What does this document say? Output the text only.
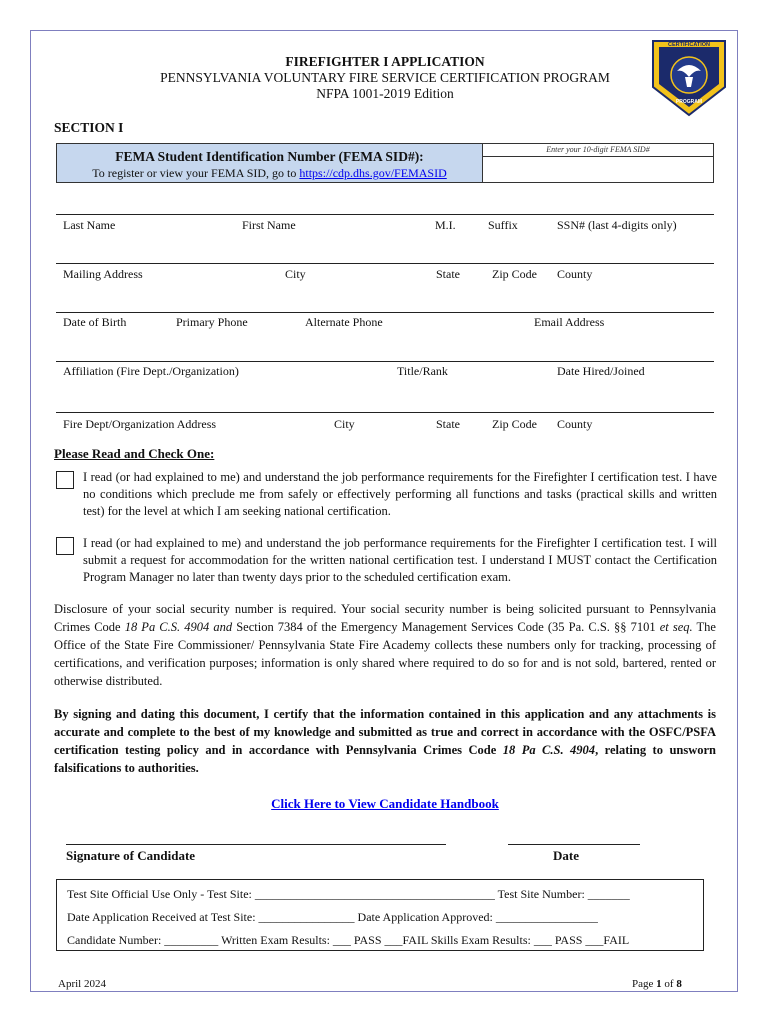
FIREFIGHTER I APPLICATION
PENNSYLVANIA VOLUNTARY FIRE SERVICE CERTIFICATION PROGRAM
NFPA 1001-2019 Edition
CERTIFICATION
PROGRAM
SECTION I
FEMA Student Identification Number (FEMA SID#):
To register or view your FEMA SID, go to https://cdp.dhs.gov/FEMASID
Enter your 10-digit FEMA SID#
Last Name	First Name	M.I.	Suffix	SSN# (last 4-digits only)
Mailing Address	City	State	Zip Code County
Date of Birth	Primary Phone	Alternate Phone	Email Address
Affiliation (Fire Dept./Organization)	Title/Rank	Date Hired/Joined
Fire Dept/Organization Address	City	State	Zip Code County
Please Read and Check One:
I read (or had explained to me) and understand the job performance requirements for the Firefighter I certification test. I have no conditions which preclude me from safely or effectively performing all functions and tasks (practical skills and written test) for the level at which I am seeking national certification.
I read (or had explained to me) and understand the job performance requirements for the Firefighter I certification test. I will submit a request for accommodation for the written national certification test. I understand I MUST contact the Certification Program Manager no later than twenty days prior to the scheduled certification exam.
Disclosure of your social security number is required. Your social security number is being solicited pursuant to Pennsylvania Crimes Code 18 Pa C.S. 4904 and Section 7384 of the Emergency Management Services Code (35 Pa. C.S. §§ 7101 et seq. The Office of the State Fire Commissioner/ Pennsylvania State Fire Academy collects these numbers only for tracking, processing of certifications, and verification purposes; information is only shared where required to do so for and is not sold, bartered, rented or otherwise distributed.
By signing and dating this document, I certify that the information contained in this application and any attachments is accurate and complete to the best of my knowledge and submitted as true and correct in accordance with the OSFC/PSFA certification testing policy and in accordance with Pennsylvania Crimes Code 18 Pa C.S. 4904, relating to unsworn falsifications to authorities.
Click Here to View Candidate Handbook
Signature of Candidate	Date
Test Site Official Use Only - Test Site: ________________________________________ Test Site Number: _______
Date Application Received at Test Site: ________________ Date Application Approved: _________________
Candidate Number: _________ Written Exam Results: ___ PASS ___FAIL Skills Exam Results: ___ PASS ___FAIL
April 2024	Page 1 of 8
